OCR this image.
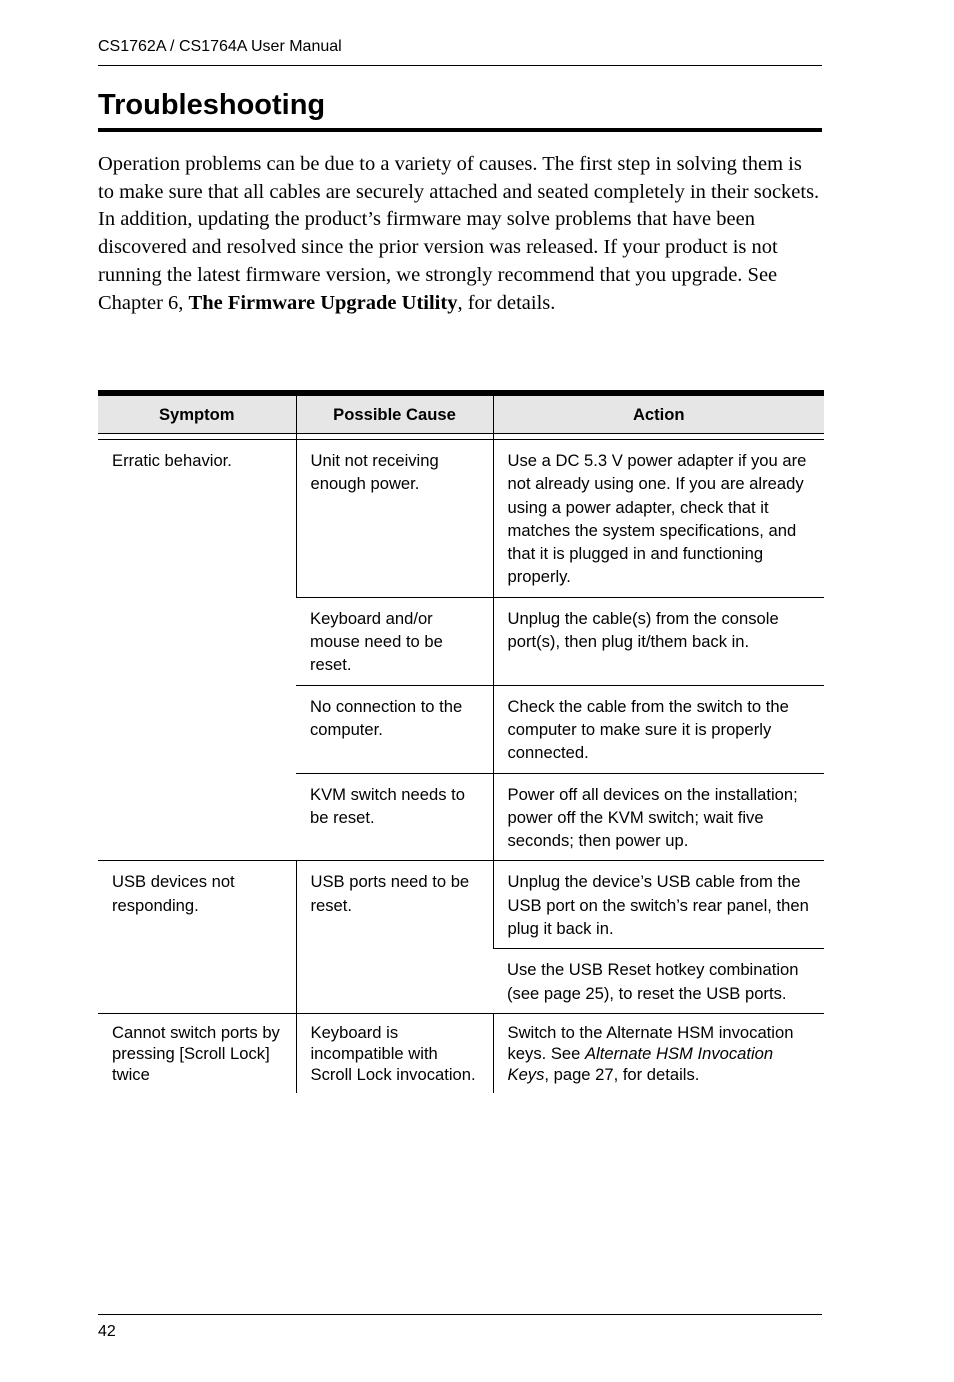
CS1762A / CS1764A User Manual
Troubleshooting

Operation problems can be due to a variety of causes. The first step in solving them is to make sure that all cables are securely attached and seated completely in their sockets. In addition, updating the product’s firmware may solve problems that have been discovered and resolved since the prior version was released. If your product is not running the latest firmware version, we strongly recommend that you upgrade. See Chapter 6, The Firmware Upgrade Utility, for details.

Symptom	Possible Cause	Action

Erratic behavior.	Unit not receiving enough power.	Use a DC 5.3 V power adapter if you are not already using one. If you are already using a power adapter, check that it matches the system specifications, and that it is plugged in and functioning properly.
	Keyboard and/or mouse need to be reset.	Unplug the cable(s) from the console port(s), then plug it/them back in.
	No connection to the computer.	Check the cable from the switch to the computer to make sure it is properly connected.
	KVM switch needs to be reset.	Power off all devices on the installation; power off the KVM switch; wait five seconds; then power up.
USB devices not responding.	USB ports need to be reset.	Unplug the device’s USB cable from the USB port on the switch’s rear panel, then plug it back in.
		Use the USB Reset hotkey combination (see page 25), to reset the USB ports.
Cannot switch ports by pressing [Scroll Lock] twice	Keyboard is incompatible with Scroll Lock invocation.	Switch to the Alternate HSM invocation keys. See Alternate HSM Invocation Keys, page 27, for details.
42
